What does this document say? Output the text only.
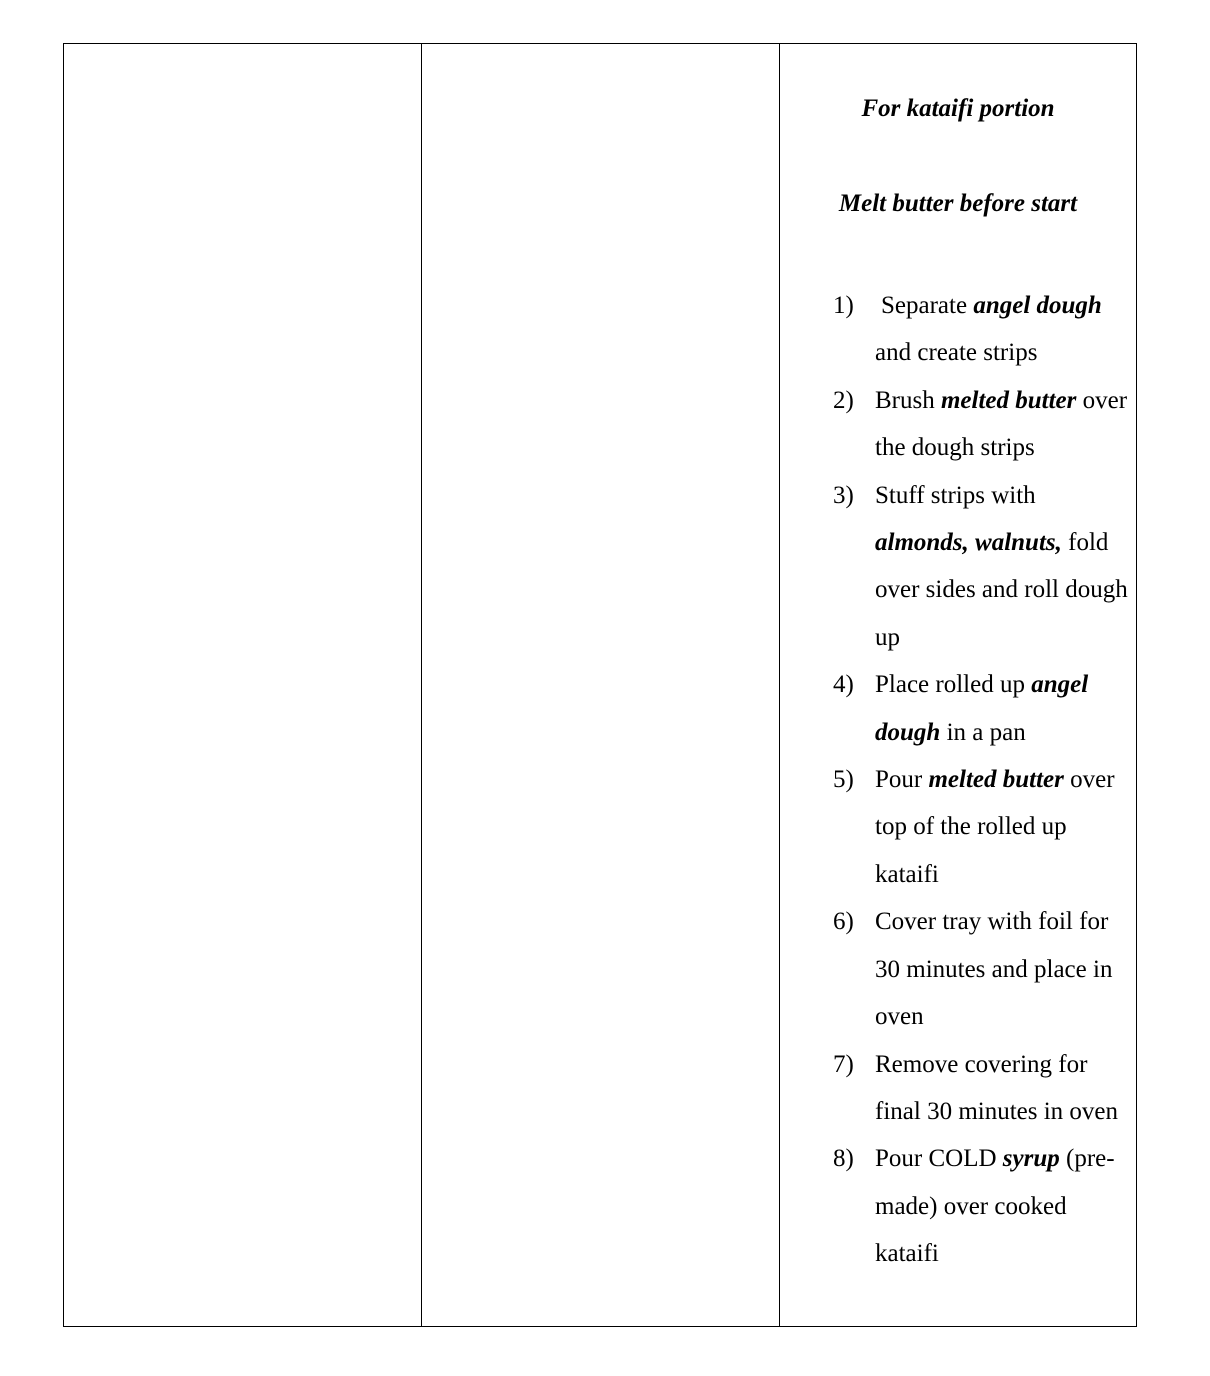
For kataifi portion
Melt butter before start
1) Separate angel dough and create strips
2) Brush melted butter over the dough strips
3) Stuff strips with almonds, walnuts, fold over sides and roll dough up
4) Place rolled up angel dough in a pan
5) Pour melted butter over top of the rolled up kataifi
6) Cover tray with foil for 30 minutes and place in oven
7) Remove covering for final 30 minutes in oven
8) Pour COLD syrup (pre-made) over cooked kataifi
